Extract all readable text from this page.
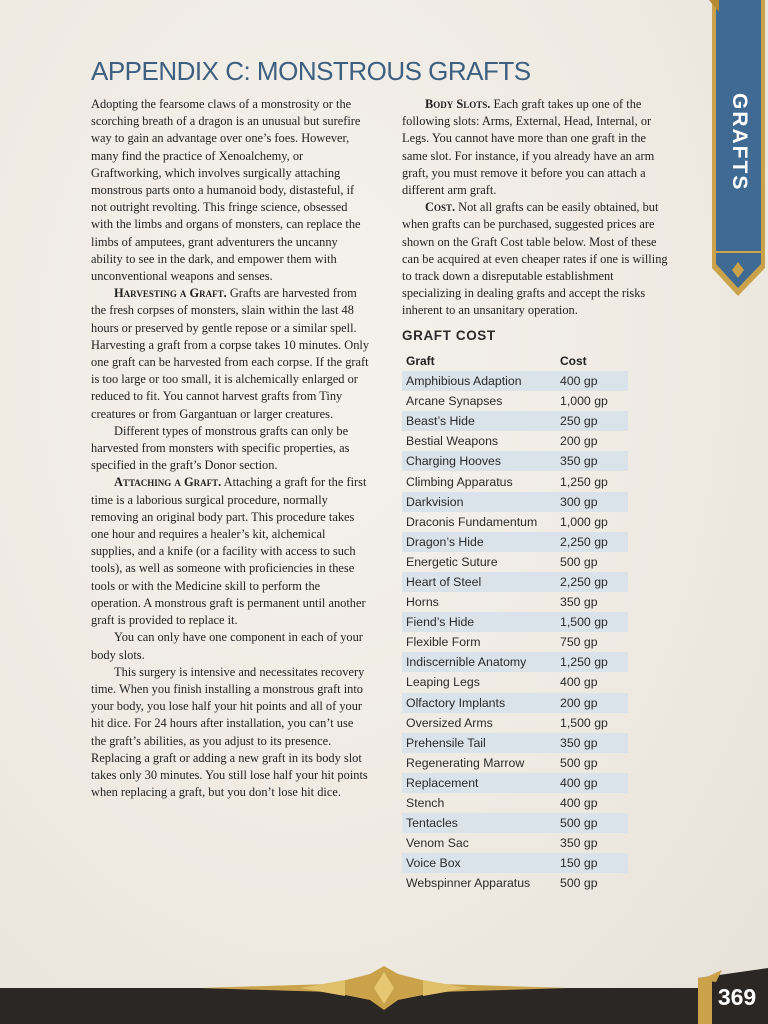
APPENDIX C: MONSTROUS GRAFTS

Adopting the fearsome claws of a monstrosity or the scorching breath of a dragon is an unusual but surefire way to gain an advantage over one’s foes. However, many find the practice of Xenoalchemy, or Graftworking, which involves surgically attaching monstrous parts onto a humanoid body, distasteful, if not outright revolting. This fringe science, obsessed with the limbs and organs of monsters, can replace the limbs of amputees, grant adventurers the uncanny ability to see in the dark, and empower them with unconventional weapons and senses.

Harvesting a Graft. Grafts are harvested from the fresh corpses of monsters, slain within the last 48 hours or preserved by gentle repose or a similar spell. Harvesting a graft from a corpse takes 10 minutes. Only one graft can be harvested from each corpse. If the graft is too large or too small, it is alchemically enlarged or reduced to fit. You cannot harvest grafts from Tiny creatures or from Gargantuan or larger creatures.

Different types of monstrous grafts can only be harvested from monsters with specific properties, as specified in the graft’s Donor section.

Attaching a Graft. Attaching a graft for the first time is a laborious surgical procedure, normally removing an original body part. This procedure takes one hour and requires a healer’s kit, alchemical supplies, and a knife (or a facility with access to such tools), as well as someone with proficiencies in these tools or with the Medicine skill to perform the operation. A monstrous graft is permanent until another graft is provided to replace it.

You can only have one component in each of your body slots.

This surgery is intensive and necessitates recovery time. When you finish installing a monstrous graft into your body, you lose half your hit points and all of your hit dice. For 24 hours after installation, you can’t use the graft’s abilities, as you adjust to its presence. Replacing a graft or adding a new graft in its body slot takes only 30 minutes. You still lose half your hit points when replacing a graft, but you don’t lose hit dice.

Body Slots. Each graft takes up one of the following slots: Arms, External, Head, Internal, or Legs. You cannot have more than one graft in the same slot. For instance, if you already have an arm graft, you must remove it before you can attach a different arm graft.

Cost. Not all grafts can be easily obtained, but when grafts can be purchased, suggested prices are shown on the Graft Cost table below. Most of these can be acquired at even cheaper rates if one is willing to track down a disreputable establishment specializing in dealing grafts and accept the risks inherent to an unsanitary operation.

GRAFT COST
Graft	Cost
Amphibious Adaption	400 gp
Arcane Synapses	1,000 gp
Beast’s Hide	250 gp
Bestial Weapons	200 gp
Charging Hooves	350 gp
Climbing Apparatus	1,250 gp
Darkvision	300 gp
Draconis Fundamentum	1,000 gp
Dragon’s Hide	2,250 gp
Energetic Suture	500 gp
Heart of Steel	2,250 gp
Horns	350 gp
Fiend’s Hide	1,500 gp
Flexible Form	750 gp
Indiscernible Anatomy	1,250 gp
Leaping Legs	400 gp
Olfactory Implants	200 gp
Oversized Arms	1,500 gp
Prehensile Tail	350 gp
Regenerating Marrow	500 gp
Replacement	400 gp
Stench	400 gp
Tentacles	500 gp
Venom Sac	350 gp
Voice Box	150 gp
Webspinner Apparatus	500 gp
GRAFTS
369
